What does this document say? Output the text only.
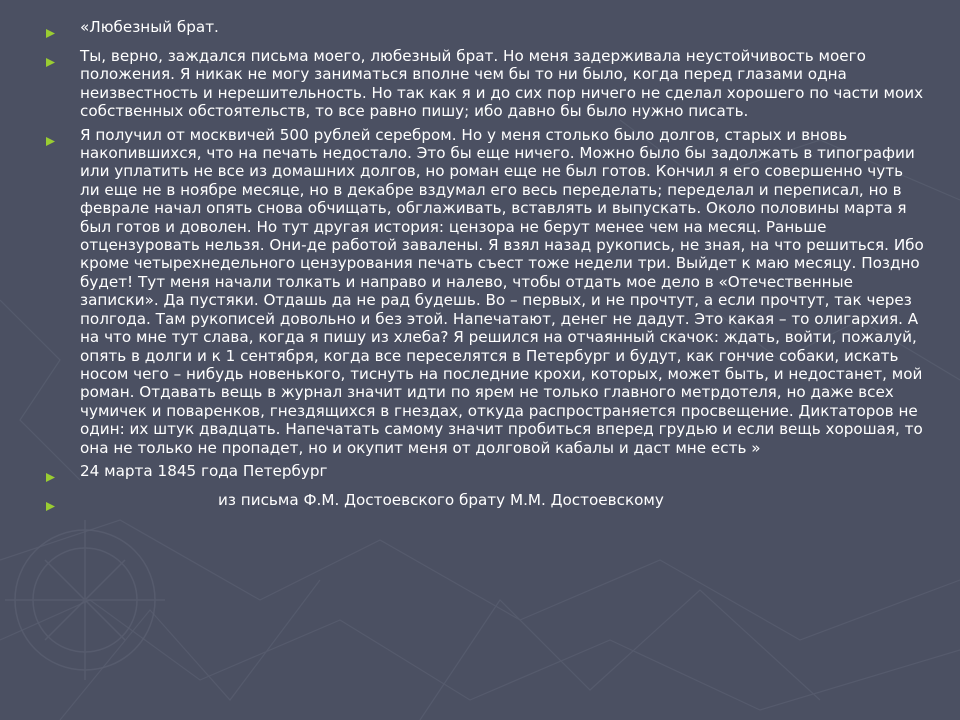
«Любезный брат.
Ты, верно, заждался письма моего, любезный брат. Но меня задерживала неустойчивость моего положения. Я никак не могу заниматься вполне чем бы то ни было, когда перед глазами одна неизвестность и нерешительность. Но так как я и до сих пор ничего не сделал хорошего по части моих собственных обстоятельств, то все равно пишу; ибо давно бы было нужно писать.
Я получил от москвичей 500 рублей серебром. Но у меня столько было долгов, старых и вновь накопившихся, что на печать недостало. Это бы еще ничего. Можно было бы задолжать в типографии или уплатить не все из домашних долгов, но роман еще не был готов. Кончил я его совершенно чуть ли еще не в ноябре месяце, но в декабре вздумал его весь переделать; переделал и переписал, но в феврале начал опять снова обчищать, обглаживать, вставлять и выпускать. Около половины марта я был готов и доволен. Но тут другая история: цензора не берут менее чем на месяц. Раньше отцензуровать нельзя. Они-де работой завалены. Я взял назад рукопись, не зная, на что решиться. Ибо кроме четырехнедельного цензурования печать съест тоже недели три. Выйдет к маю месяцу. Поздно будет! Тут меня начали толкать и направо и налево, чтобы отдать мое дело в «Отечественные записки». Да пустяки. Отдашь да не рад будешь. Во – первых, и не прочтут, а если прочтут, так через полгода. Там рукописей довольно и без этой. Напечатают, денег не дадут. Это какая – то олигархия. А на что мне тут слава, когда я пишу из хлеба? Я решился на отчаянный скачок: ждать, войти, пожалуй, опять в долги и к 1 сентября, когда все переселятся в Петербург и будут, как гончие собаки, искать носом чего – нибудь новенького, тиснуть на последние крохи, которых, может быть, и недостанет, мой роман. Отдавать вещь в журнал значит идти по ярем не только главного метрдотеля, но даже всех чумичек и поваренков, гнездящихся в гнездах, откуда распространяется просвещение. Диктаторов не один: их штук двадцать. Напечатать самому значит пробиться вперед грудью и если вещь хорошая, то она не только не пропадет, но и окупит меня от долговой кабалы и даст мне есть »
24 марта 1845 года Петербург
из письма Ф.М. Достоевского брату М.М. Достоевскому
